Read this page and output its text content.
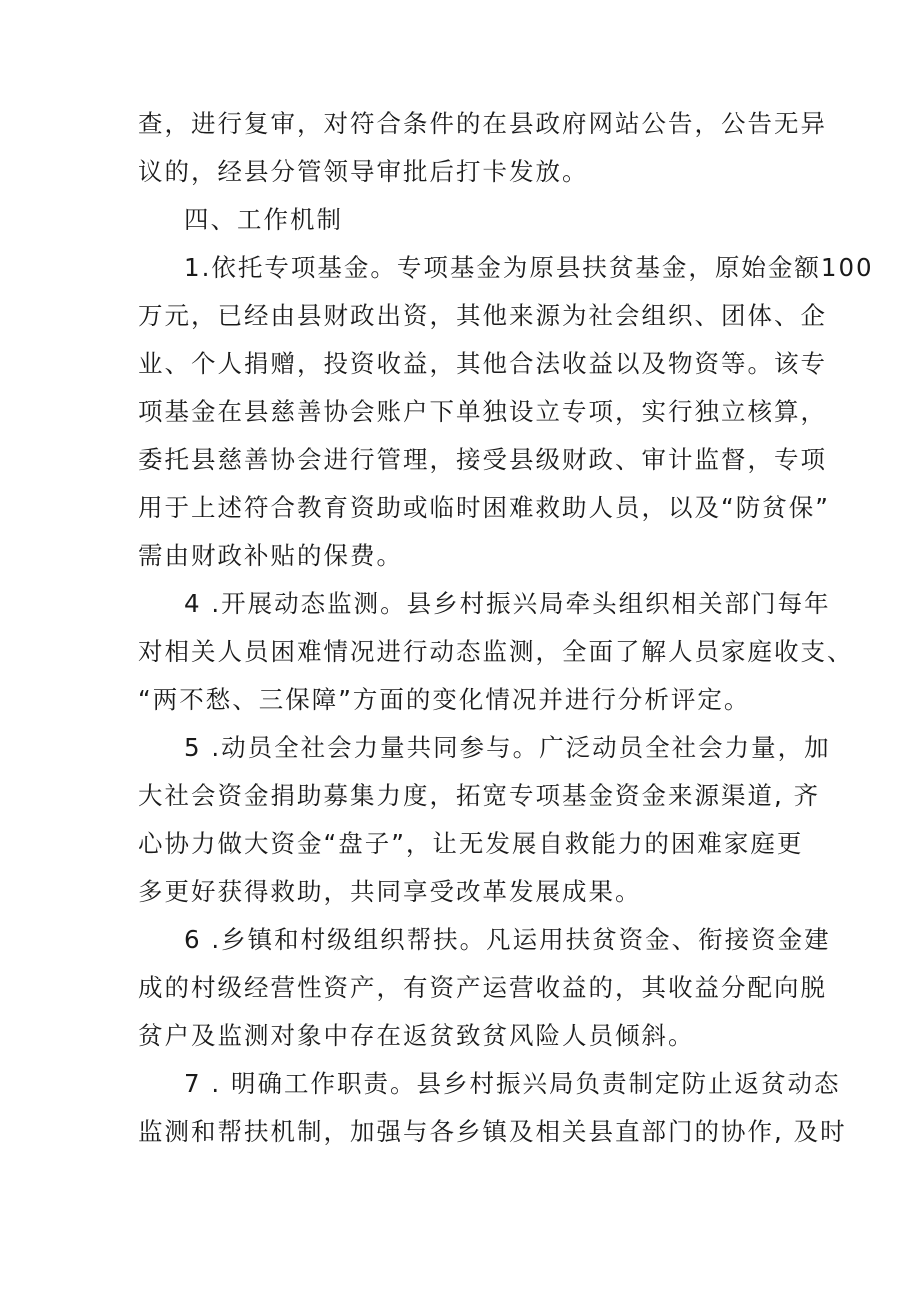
查，进行复审，对符合条件的在县政府网站公告，公告无异
议的，经县分管领导审批后打卡发放。

四、工作机制

1.依托专项基金。专项基金为原县扶贫基金，原始金额100
万元，已经由县财政出资，其他来源为社会组织、团体、企
业、个人捐赠，投资收益，其他合法收益以及物资等。该专
项基金在县慈善协会账户下单独设立专项，实行独立核算，
委托县慈善协会进行管理，接受县级财政、审计监督，专项
用于上述符合教育资助或临时困难救助人员，以及“防贫保”
需由财政补贴的保费。

4 .开展动态监测。县乡村振兴局牵头组织相关部门每年
对相关人员困难情况进行动态监测，全面了解人员家庭收支、
“两不愁、三保障”方面的变化情况并进行分析评定。

5 .动员全社会力量共同参与。广泛动员全社会力量，加
大社会资金捐助募集力度，拓宽专项基金资金来源渠道, 齐
心协力做大资金“盘子”，让无发展自救能力的困难家庭更
多更好获得救助，共同享受改革发展成果。

6 .乡镇和村级组织帮扶。凡运用扶贫资金、衔接资金建
成的村级经营性资产，有资产运营收益的，其收益分配向脱
贫户及监测对象中存在返贫致贫风险人员倾斜。

7 . 明确工作职责。县乡村振兴局负责制定防止返贫动态
监测和帮扶机制，加强与各乡镇及相关县直部门的协作, 及时
